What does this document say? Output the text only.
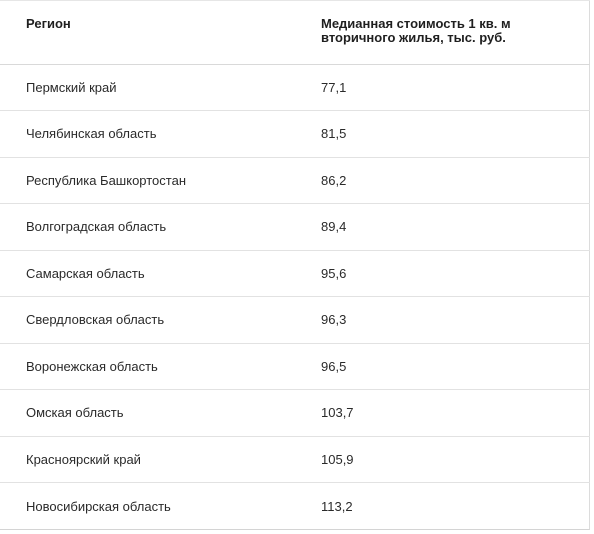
Регион	Медианная стоимость 1 кв. м
вторичного жилья, тыс. руб.
Пермский край	77,1
Челябинская область	81,5
Республика Башкортостан	86,2
Волгоградская область	89,4
Самарская область	95,6
Свердловская область	96,3
Воронежская область	96,5
Омская область	103,7
Красноярский край	105,9
Новосибирская область	113,2
